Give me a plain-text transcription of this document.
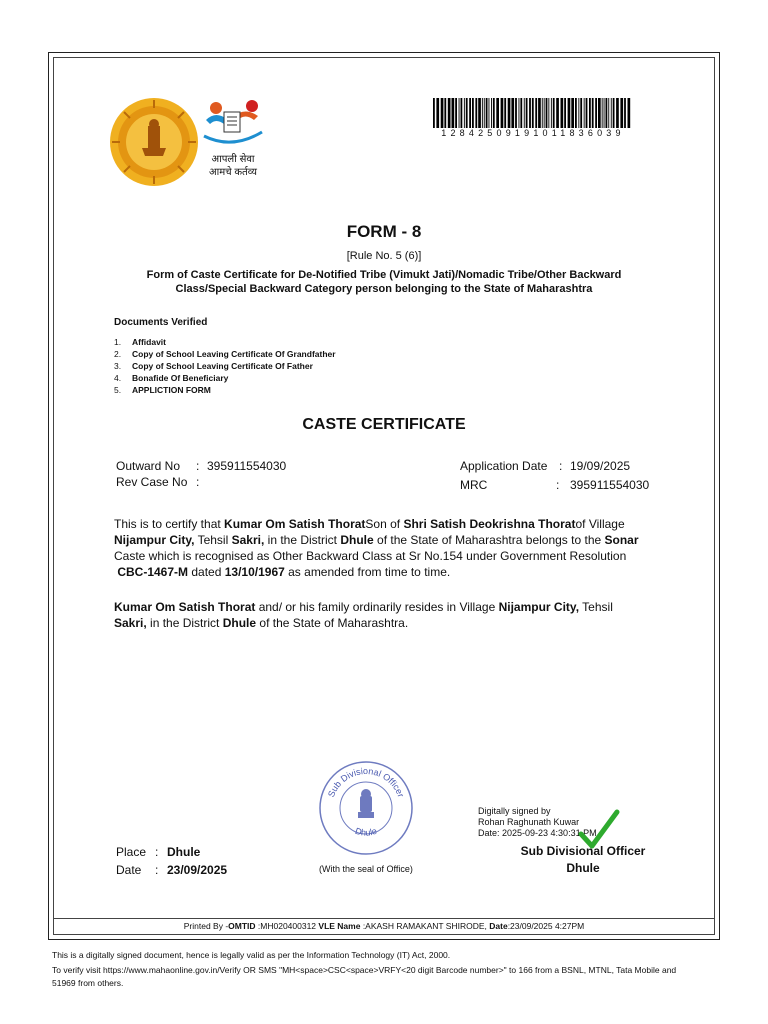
आपली सेवा
आमचे कर्तव्य
12842509191011836039
FORM - 8
[Rule No. 5 (6)]
Form of Caste Certificate for De-Notified Tribe (Vimukt Jati)/Nomadic Tribe/Other Backward
Class/Special Backward Category person belonging to the State of Maharashtra
Documents Verified
1.	Affidavit
2.	Copy of School Leaving Certificate Of Grandfather
3.	Copy of School Leaving Certificate Of Father
4.	Bonafide Of Beneficiary
5.	APPLICTION FORM
CASTE CERTIFICATE
Outward No : 395911554030
Rev Case No :
Application Date : 19/09/2025
MRC	: 395911554030
This is to certify that Kumar Om Satish ThoratSon of Shri Satish Deokrishna Thoratof Village
Nijampur City, Tehsil Sakri, in the District Dhule of the State of Maharashtra belongs to the Sonar
Caste which is recognised as Other Backward Class at Sr No.154 under Government Resolution
CBC-1467-M dated 13/10/1967 as amended from time to time.
Kumar Om Satish Thorat and/ or his family ordinarily resides in Village Nijampur City, Tehsil
Sakri, in the District Dhule of the State of Maharashtra.
Sub Divisional Officer
Dhule
Digitally signed by
Rohan Raghunath Kuwar
Date: 2025-09-23 4:30:31 PM
Sub Divisional Officer
Dhule
Place : Dhule
Date : 23/09/2025	(With the seal of Office)
Printed By -OMTID :MH020400312 VLE Name :AKASH RAMAKANT SHIRODE, Date:23/09/2025 4:27PM
This is a digitally signed document, hence is legally valid as per the Information Technology (IT) Act, 2000.
To verify visit https://www.mahaonline.gov.in/Verify OR SMS "MH<space>CSC<space>VRFY<20 digit Barcode number>" to 166 from a BSNL, MTNL, Tata Mobile and
51969 from others.
